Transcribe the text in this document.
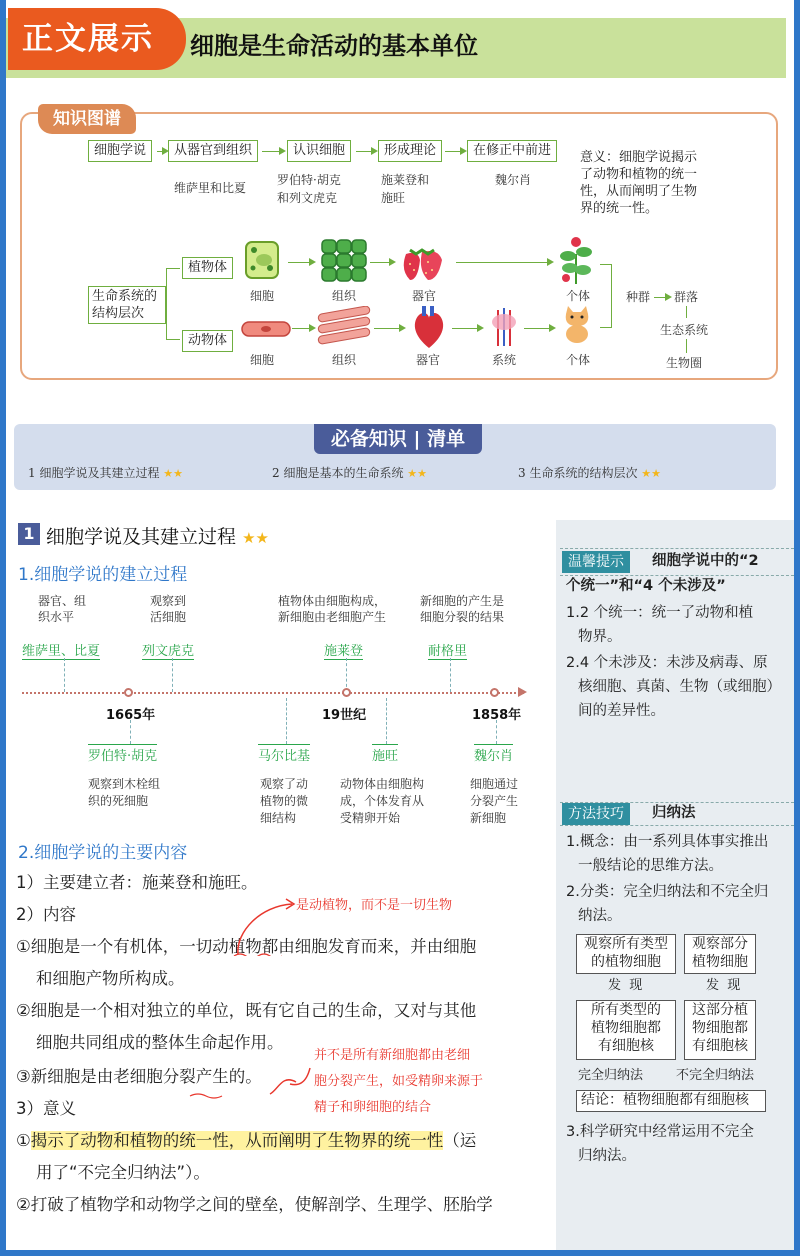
正文展示	细胞是生命活动的基本单位
知识图谱
细胞学说	从器官到组织	认识细胞	形成理论	在修正中前进
维萨里和比夏
罗伯特·胡克
和列文虎克
施莱登和
施旺
魏尔肖
意义：细胞学说揭示
了动物和植物的统一
性，从而阐明了生物
界的统一性。
生命系统的
结构层次
植物体
动物体
细胞	组织	器官	个体
细胞	组织	器官	系统	个体
种群 群落
生态系统
生物圈
必备知识 | 清单
1 细胞学说及其建立过程 ★★	2 细胞是基本的生命系统 ★★	3 生命系统的结构层次 ★★
温馨提示	细胞学说中的“2
个统一”和“4 个未涉及”
1.2 个统一：统一了动物和植
物界。
2.4 个未涉及：未涉及病毒、原
核细胞、真菌、生物（或细胞）
间的差异性。
方法技巧	归纳法
1.概念：由一系列具体事实推出
一般结论的思维方法。
2.分类：完全归纳法和不完全归
纳法。
观察所有类型
的植物细胞
观察部分
植物细胞
发 现	发 现
所有类型的
植物细胞都
有细胞核
这部分植
物细胞都
有细胞核
完全归纳法	不完全归纳法
结论：植物细胞都有细胞核
3.科学研究中经常运用不完全
归纳法。
1 细胞学说及其建立过程 ★★
1.细胞学说的建立过程
器官、组
织水平
观察到
活细胞
植物体由细胞构成，
新细胞由老细胞产生
新细胞的产生是
细胞分裂的结果
维萨里、比夏	列文虎克	施莱登	耐格里
1665年	19世纪	1858年
罗伯特·胡克	马尔比基	施旺	魏尔肖
观察到木栓组
织的死细胞
观察了动
植物的微
细结构
动物体由细胞构
成，个体发育从
受精卵开始
细胞通过
分裂产生
新细胞
2.细胞学说的主要内容
1）主要建立者：施莱登和施旺。
2）内容
①细胞是一个有机体，一切动植物都由细胞发育而来，并由细胞
和细胞产物所构成。
②细胞是一个相对独立的单位，既有它自己的生命，又对与其他
细胞共同组成的整体生命起作用。
③新细胞是由老细胞分裂产生的。
3）意义
①揭示了动物和植物的统一性，从而阐明了生物界的统一性（运
用了“不完全归纳法”）。
②打破了植物学和动物学之间的壁垒，使解剖学、生理学、胚胎学
是动植物，而不是一切生物
并不是所有新细胞都由老细
胞分裂产生，如受精卵来源于
精子和卵细胞的结合
